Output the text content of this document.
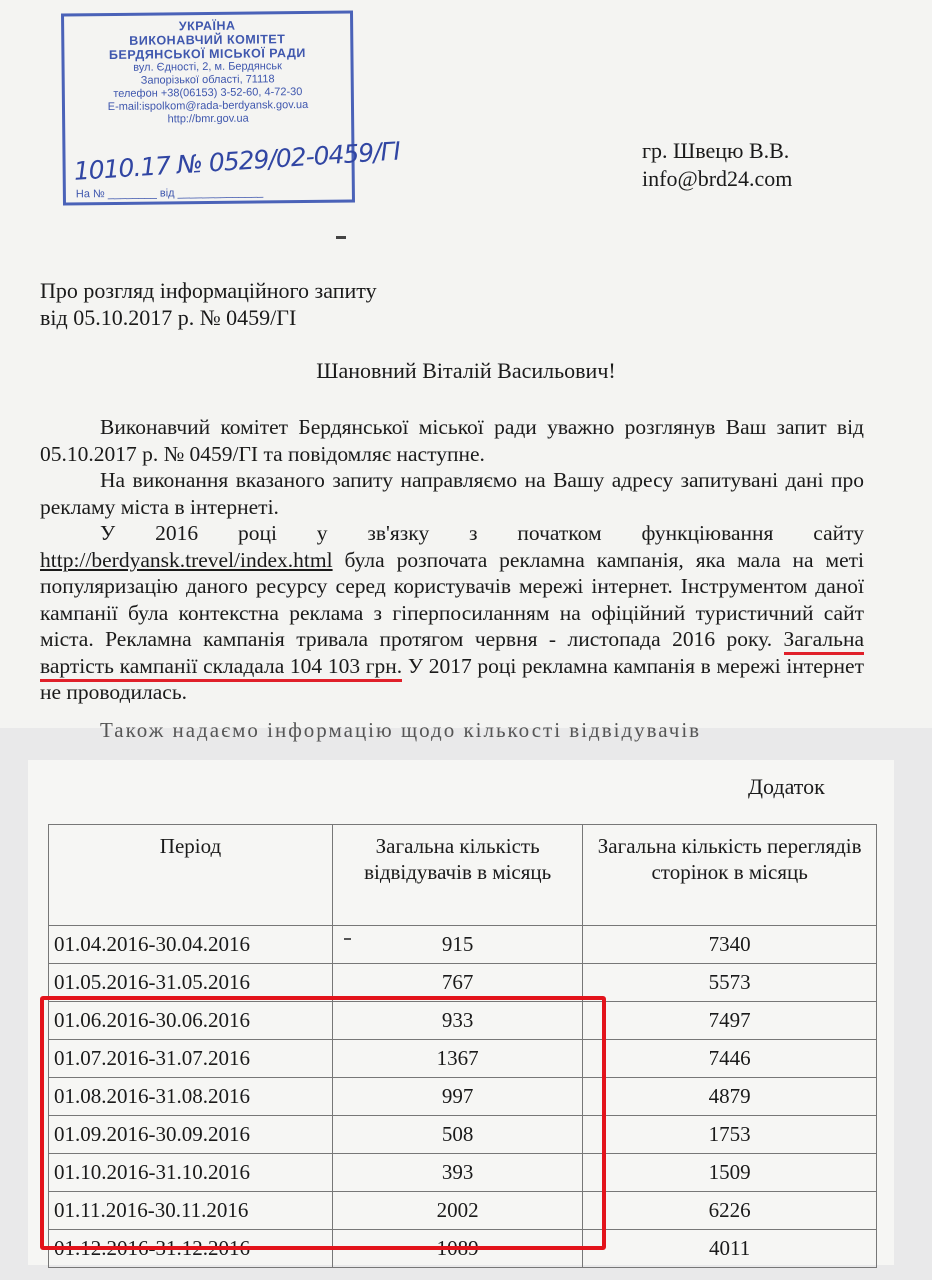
УКРАЇНА
ВИКОНАВЧИЙ КОМІТЕТ
БЕРДЯНСЬКОЇ МІСЬКОЇ РАДИ
вул. Єдності, 2, м. Бердянськ
Запорізької області, 71118
телефон +38(06153) 3-52-60, 4-72-30
E-mail:ispolkom@rada-berdyansk.gov.ua
http://bmr.gov.ua
1010.17 № 0529/02-0459/ГІ
На № ________ від ______________
гр. Швецю В.В.
info@brd24.com
Про розгляд інформаційного запиту
від 05.10.2017 р. № 0459/ГІ
Шановний Віталій Васильович!

Виконавчий комітет Бердянської міської ради уважно розглянув Ваш запит від 05.10.2017 р. № 0459/ГІ та повідомляє наступне.

На виконання вказаного запиту направляємо на Вашу адресу запитувані дані про рекламу міста в інтернеті.

У 2016 році у зв'язку з початком функціювання сайту http://berdyansk.trevel/index.html була розпочата рекламна кампанія, яка мала на меті популяризацію даного ресурсу серед користувачів мережі інтернет. Інструментом даної кампанії була контекстна реклама з гіперпосиланням на офіційний туристичний сайт міста. Рекламна кампанія тривала протягом червня - листопада 2016 року. Загальна вартість кампанії складала 104 103 грн. У 2017 році рекламна кампанія в мережі інтернет не проводилась.

Також надаємо інформацію щодо кількості відвідувачів
Додаток
Період	Загальна кількість відвідувачів в місяць	Загальна кількість переглядів сторінок в місяць
01.04.2016-30.04.2016	915	7340
01.05.2016-31.05.2016	767	5573
01.06.2016-30.06.2016	933	7497
01.07.2016-31.07.2016	1367	7446
01.08.2016-31.08.2016	997	4879
01.09.2016-30.09.2016	508	1753
01.10.2016-31.10.2016	393	1509
01.11.2016-30.11.2016	2002	6226
01.12.2016-31.12.2016	1089	4011
